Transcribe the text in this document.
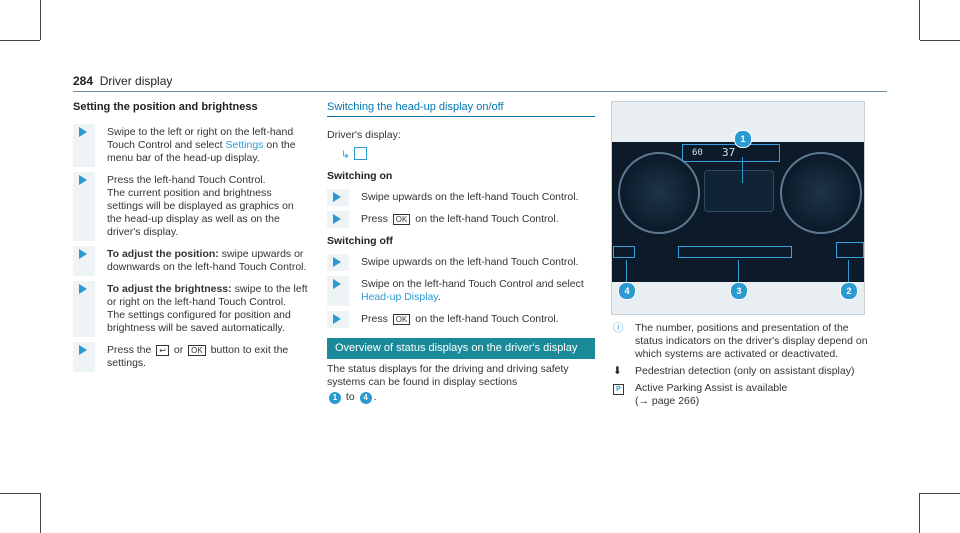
284 Driver display
Setting the position and brightness
Swipe to the left or right on the left-hand Touch Control and select Settings on the menu bar of the head-up display.
Press the left-hand Touch Control.
The current position and brightness settings will be displayed as graphics on the head-up display as well as on the driver's display.
To adjust the position: swipe upwards or downwards on the left-hand Touch Control.
To adjust the brightness: swipe to the left or right on the left-hand Touch Control.
The settings configured for position and brightness will be saved automatically.
Press the ↩ or OK button to exit the settings.
Switching the head-up display on/off
Driver's display:
↳
Switching on
Swipe upwards on the left-hand Touch Control.
Press OK on the left-hand Touch Control.
Switching off
Swipe upwards on the left-hand Touch Control.
Swipe on the left-hand Touch Control and select Head-up Display.
Press OK on the left-hand Touch Control.
Overview of status displays on the driver's display
The status displays for the driving and driving safety systems can be found in display sections
1 to 4 .
37
60
1
4	3	2
ⓘ	The number, positions and presentation of the status indicators on the driver's display depend on which systems are activated or deactivated.
⬇	Pedestrian detection (only on assistant display)
P	Active Parking Assist is available
(→ page 266)
